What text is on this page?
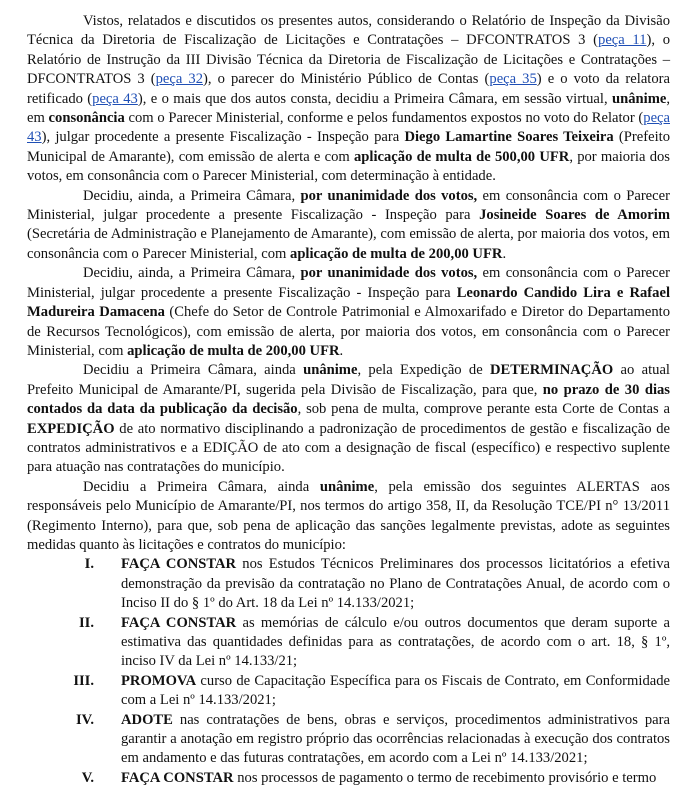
Vistos, relatados e discutidos os presentes autos, considerando o Relatório de Inspeção da Divisão Técnica da Diretoria de Fiscalização de Licitações e Contratações – DFCONTRATOS 3 (peça 11), o Relatório de Instrução da III Divisão Técnica da Diretoria de Fiscalização de Licitações e Contratações – DFCONTRATOS 3 (peça 32), o parecer do Ministério Público de Contas (peça 35) e o voto da relatora retificado (peça 43), e o mais que dos autos consta, decidiu a Primeira Câmara, em sessão virtual, unânime, em consonância com o Parecer Ministerial, conforme e pelos fundamentos expostos no voto do Relator (peça 43), julgar procedente a presente Fiscalização - Inspeção para Diego Lamartine Soares Teixeira (Prefeito Municipal de Amarante), com emissão de alerta e com aplicação de multa de 500,00 UFR, por maioria dos votos, em consonância com o Parecer Ministerial, com determinação à entidade.

Decidiu, ainda, a Primeira Câmara, por unanimidade dos votos, em consonância com o Parecer Ministerial, julgar procedente a presente Fiscalização - Inspeção para Josineide Soares de Amorim (Secretária de Administração e Planejamento de Amarante), com emissão de alerta, por maioria dos votos, em consonância com o Parecer Ministerial, com aplicação de multa de 200,00 UFR.

Decidiu, ainda, a Primeira Câmara, por unanimidade dos votos, em consonância com o Parecer Ministerial, julgar procedente a presente Fiscalização - Inspeção para Leonardo Candido Lira e Rafael Madureira Damacena (Chefe do Setor de Controle Patrimonial e Almoxarifado e Diretor do Departamento de Recursos Tecnológicos), com emissão de alerta, por maioria dos votos, em consonância com o Parecer Ministerial, com aplicação de multa de 200,00 UFR.

Decidiu a Primeira Câmara, ainda unânime, pela Expedição de DETERMINAÇÃO ao atual Prefeito Municipal de Amarante/PI, sugerida pela Divisão de Fiscalização, para que, no prazo de 30 dias contados da data da publicação da decisão, sob pena de multa, comprove perante esta Corte de Contas a EXPEDIÇÃO de ato normativo disciplinando a padronização de procedimentos de gestão e fiscalização de contratos administrativos e a EDIÇÃO de ato com a designação de fiscal (específico) e respectivo suplente para atuação nas contratações do município.

Decidiu a Primeira Câmara, ainda unânime, pela emissão dos seguintes ALERTAS aos responsáveis pelo Município de Amarante/PI, nos termos do artigo 358, II, da Resolução TCE/PI n° 13/2011 (Regimento Interno), para que, sob pena de aplicação das sanções legalmente previstas, adote as seguintes medidas quanto às licitações e contratos do município:

I.	FAÇA CONSTAR nos Estudos Técnicos Preliminares dos processos licitatórios a efetiva demonstração da previsão da contratação no Plano de Contratações Anual, de acordo com o Inciso II do § 1º do Art. 18 da Lei nº 14.133/2021;
II.	FAÇA CONSTAR as memórias de cálculo e/ou outros documentos que deram suporte a estimativa das quantidades definidas para as contratações, de acordo com o art. 18, § 1º, inciso IV da Lei nº 14.133/21;
III.	PROMOVA curso de Capacitação Específica para os Fiscais de Contrato, em Conformidade com a Lei nº 14.133/2021;
IV.	ADOTE nas contratações de bens, obras e serviços, procedimentos administrativos para garantir a anotação em registro próprio das ocorrências relacionadas à execução dos contratos em andamento e das futuras contratações, em acordo com a Lei nº 14.133/2021;
V.	FAÇA CONSTAR nos processos de pagamento o termo de recebimento provisório e termo
